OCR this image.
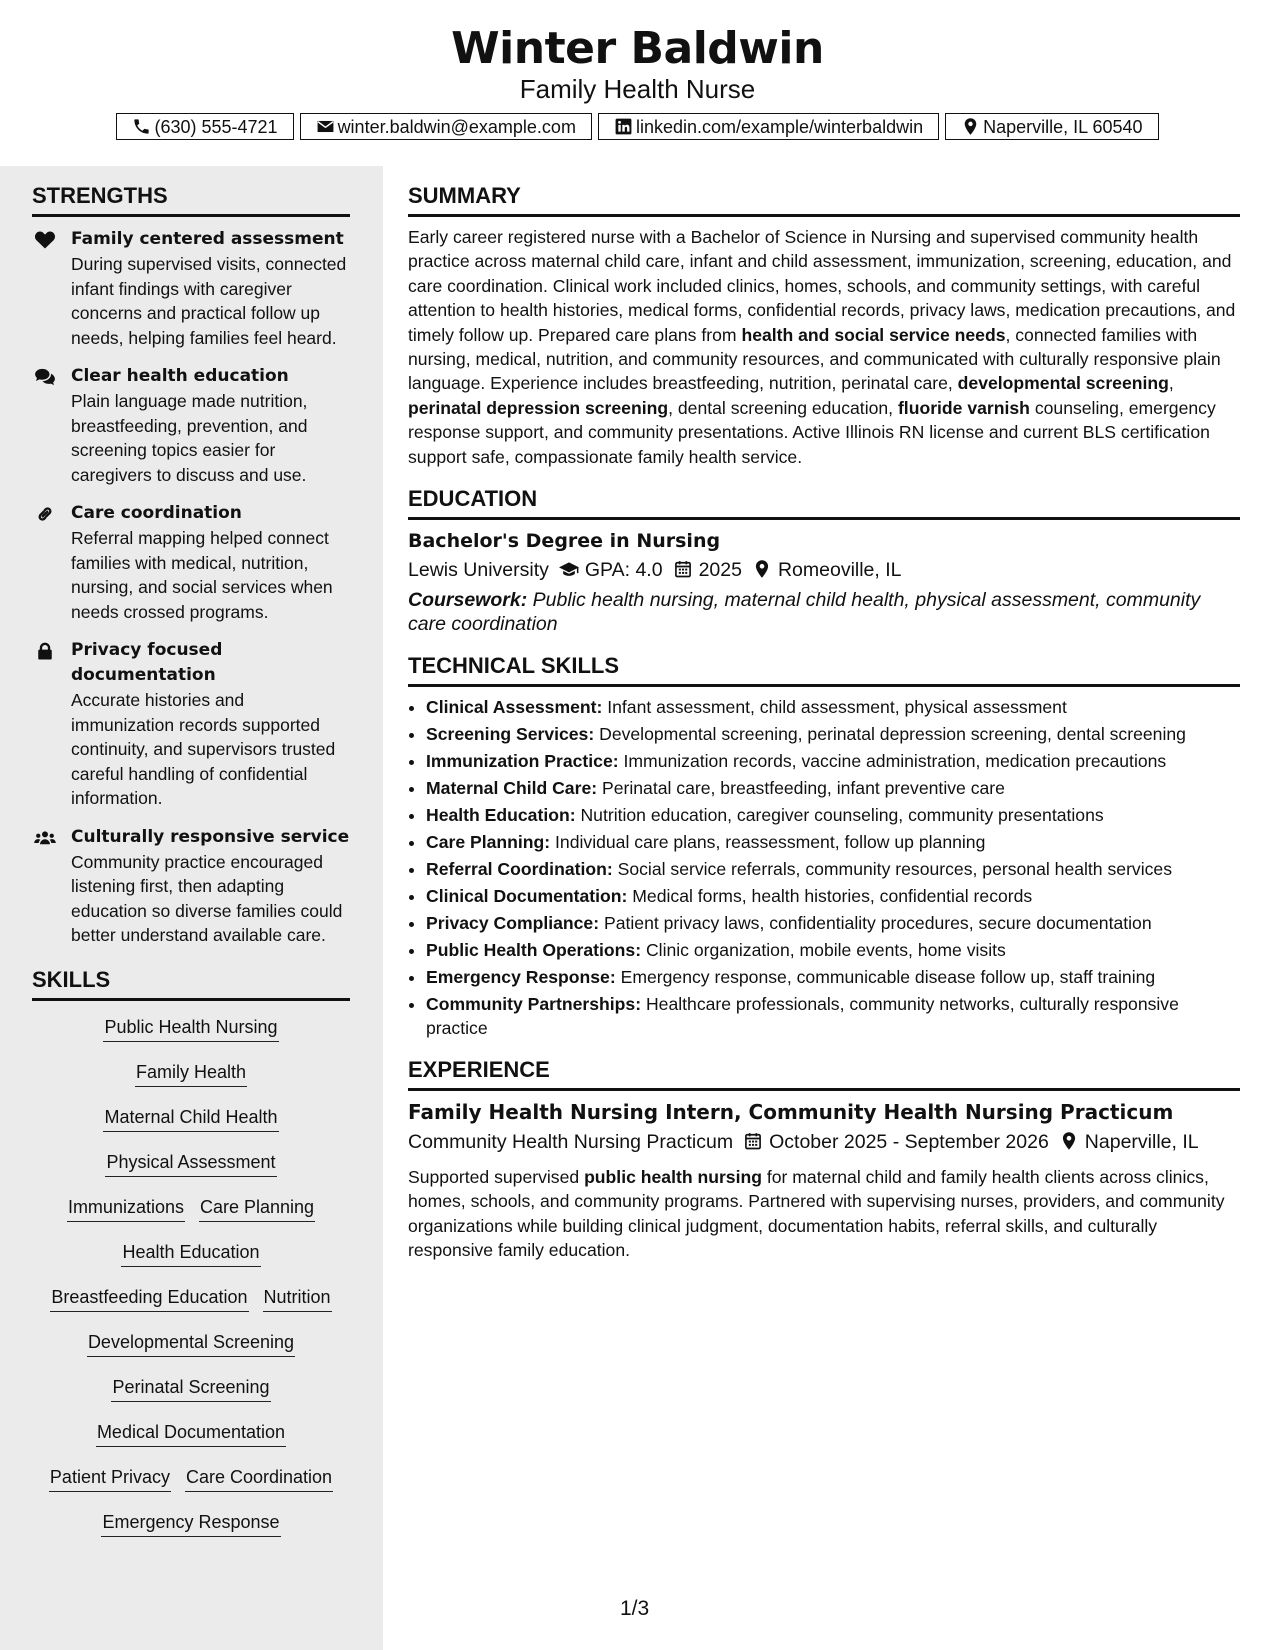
Winter Baldwin
Family Health Nurse
(630) 555-4721	winter.baldwin@example.com	linkedin.com/example/winterbaldwin	Naperville, IL 60540
STRENGTHS
Family centered assessment
During supervised visits, connected infant findings with caregiver concerns and practical follow up needs, helping families feel heard.
Clear health education
Plain language made nutrition, breastfeeding, prevention, and screening topics easier for caregivers to discuss and use.
Care coordination
Referral mapping helped connect families with medical, nutrition, nursing, and social services when needs crossed programs.
Privacy focused documentation
Accurate histories and immunization records supported continuity, and supervisors trusted careful handling of confidential information.
Culturally responsive service
Community practice encouraged listening first, then adapting education so diverse families could better understand available care.
SKILLS
Public Health Nursing
Family Health
Maternal Child Health
Physical Assessment
Immunizations Care Planning
Health Education
Breastfeeding Education Nutrition
Developmental Screening
Perinatal Screening
Medical Documentation
Patient Privacy Care Coordination
Emergency Response
SUMMARY

Early career registered nurse with a Bachelor of Science in Nursing and supervised community health practice across maternal child care, infant and child assessment, immunization, screening, education, and care coordination. Clinical work included clinics, homes, schools, and community settings, with careful attention to health histories, medical forms, confidential records, privacy laws, medication precautions, and timely follow up. Prepared care plans from health and social service needs, connected families with nursing, medical, nutrition, and community resources, and communicated with culturally responsive plain language. Experience includes breastfeeding, nutrition, perinatal care, developmental screening, perinatal depression screening, dental screening education, fluoride varnish counseling, emergency response support, and community presentations. Active Illinois RN license and current BLS certification support safe, compassionate family health service.

EDUCATION
Bachelor's Degree in Nursing
Lewis University GPA: 4.0 2025 Romeoville, IL
Coursework: Public health nursing, maternal child health, physical assessment, community care coordination
TECHNICAL SKILLS
• Clinical Assessment: Infant assessment, child assessment, physical assessment
• Screening Services: Developmental screening, perinatal depression screening, dental screening
• Immunization Practice: Immunization records, vaccine administration, medication precautions
• Maternal Child Care: Perinatal care, breastfeeding, infant preventive care
• Health Education: Nutrition education, caregiver counseling, community presentations
• Care Planning: Individual care plans, reassessment, follow up planning
• Referral Coordination: Social service referrals, community resources, personal health services
• Clinical Documentation: Medical forms, health histories, confidential records
• Privacy Compliance: Patient privacy laws, confidentiality procedures, secure documentation
• Public Health Operations: Clinic organization, mobile events, home visits
• Emergency Response: Emergency response, communicable disease follow up, staff training
• Community Partnerships: Healthcare professionals, community networks, culturally responsive practice
EXPERIENCE
Family Health Nursing Intern, Community Health Nursing Practicum
Community Health Nursing Practicum October 2025 - September 2026 Naperville, IL

Supported supervised public health nursing for maternal child and family health clients across clinics, homes, schools, and community programs. Partnered with supervising nurses, providers, and community organizations while building clinical judgment, documentation habits, referral skills, and culturally responsive family education.

1/3
